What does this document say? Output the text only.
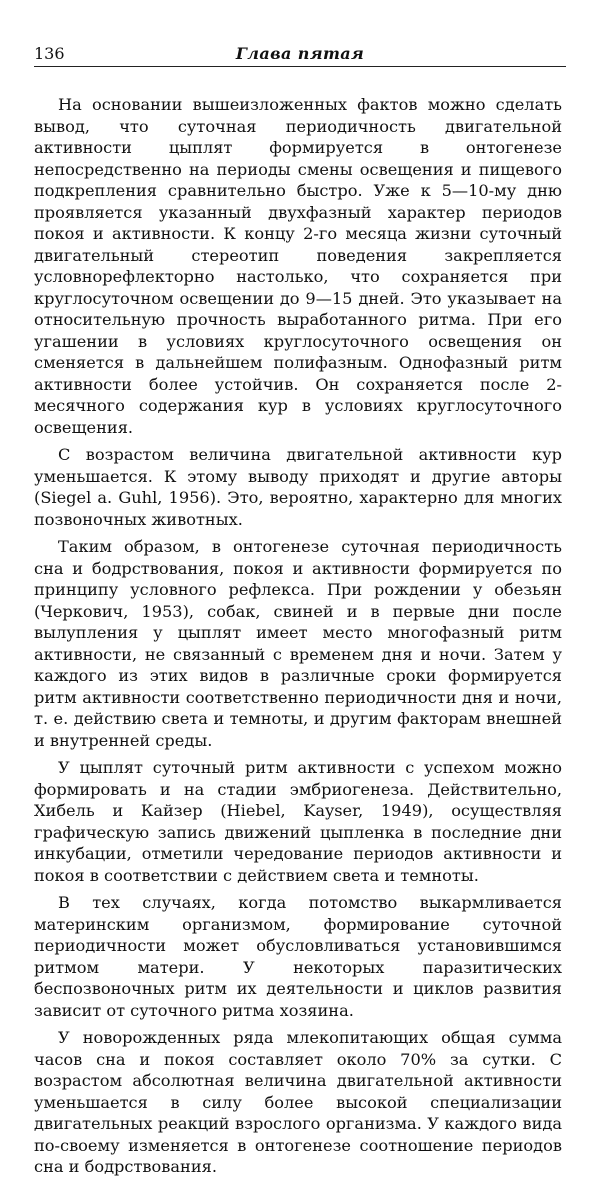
136	Глава пятая

На основании вышеизложенных фактов можно сделать вывод, что суточная периодичность двигательной активности цыплят формируется в онтогенезе непосредственно на периоды смены освещения и пищевого подкрепления сравнительно быстро. Уже к 5—10-му дню проявляется указанный двухфазный характер периодов покоя и активности. К концу 2-го месяца жизни суточный двигательный стереотип поведения закрепляется условнорефлекторно настолько, что сохраняется при круглосуточном освещении до 9—15 дней. Это указывает на относительную прочность выработанного ритма. При его угашении в условиях круглосуточного освещения он сменяется в дальнейшем полифазным. Однофазный ритм активности более устойчив. Он сохраняется после 2-месячного содержания кур в условиях круглосуточного освещения.

С возрастом величина двигательной активности кур уменьшается. К этому выводу приходят и другие авторы (Siegel a. Guhl, 1956). Это, вероятно, характерно для многих позвоночных животных.

Таким образом, в онтогенезе суточная периодичность сна и бодрствования, покоя и активности формируется по принципу условного рефлекса. При рождении у обезьян (Черкович, 1953), собак, свиней и в первые дни после вылупления у цыплят имеет место многофазный ритм активности, не связанный с временем дня и ночи. Затем у каждого из этих видов в различные сроки формируется ритм активности соответственно периодичности дня и ночи, т. е. действию света и темноты, и другим факторам внешней и внутренней среды.

У цыплят суточный ритм активности с успехом можно формировать и на стадии эмбриогенеза. Действительно, Хибель и Кайзер (Hiebel, Kayser, 1949), осуществляя графическую запись движений цыпленка в последние дни инкубации, отметили чередование периодов активности и покоя в соответствии с действием света и темноты.

В тех случаях, когда потомство выкармливается материнским организмом, формирование суточной периодичности может обусловливаться установившимся ритмом матери. У некоторых паразитических беспозвоночных ритм их деятельности и циклов развития зависит от суточного ритма хозяина.

У новорожденных ряда млекопитающих общая сумма часов сна и покоя составляет около 70% за сутки. С возрастом абсолютная величина двигательной активности уменьшается в силу более высокой специализации двигательных реакций взрослого организма. У каждого вида по-своему изменяется в онтогенезе соотношение периодов сна и бодрствования.
